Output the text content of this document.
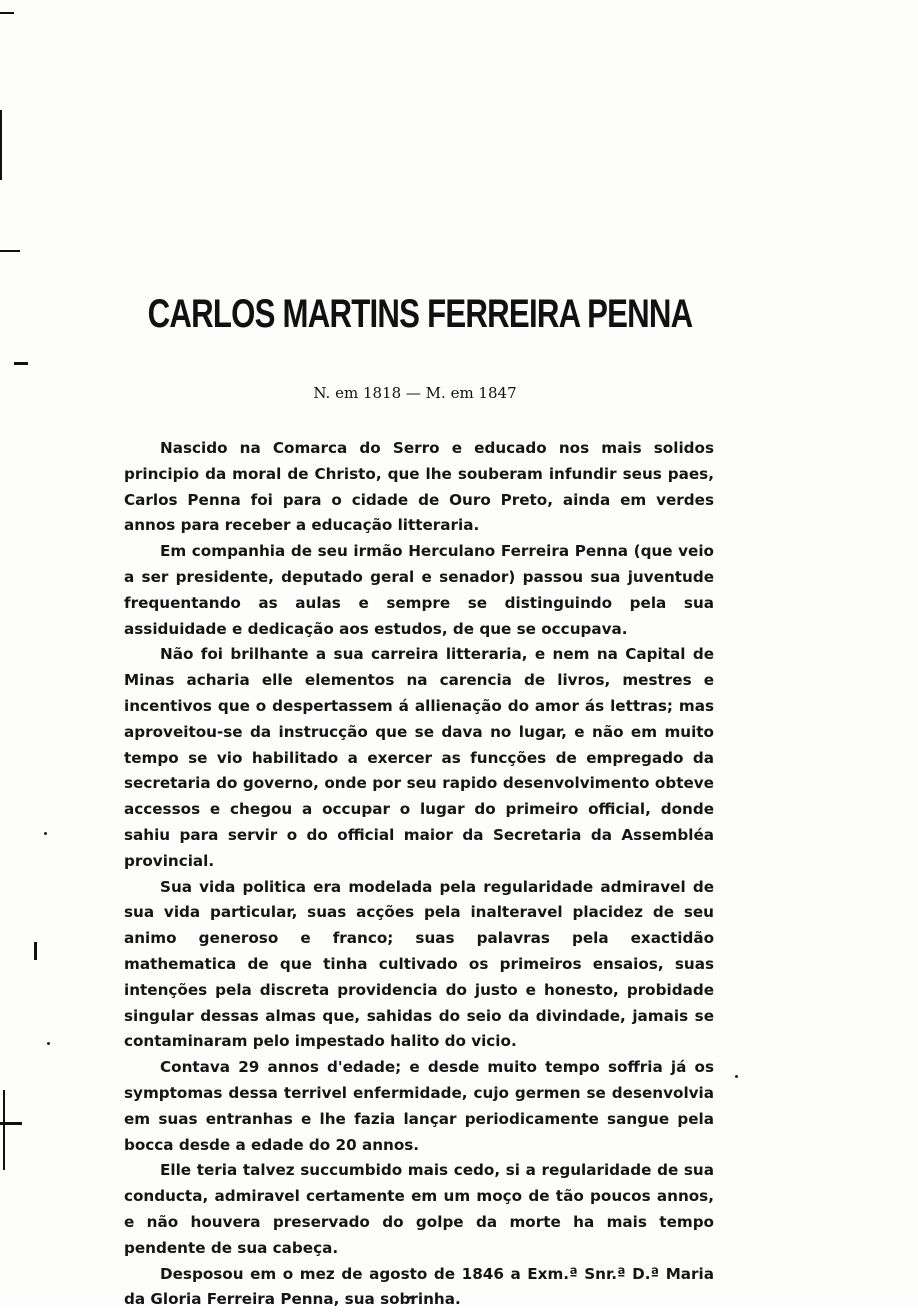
CARLOS MARTINS FERREIRA PENNA
N. em 1818 — M. em 1847

Nascido na Comarca do Serro e educado nos mais solidos principio da moral de Christo, que lhe souberam infundir seus paes, Carlos Penna foi para o cidade de Ouro Preto, ainda em verdes annos para receber a educação litteraria.

Em companhia de seu irmão Herculano Ferreira Penna (que veio a ser presidente, deputado geral e senador) passou sua juventude frequentando as aulas e sempre se distinguindo pela sua assiduidade e dedicação aos estudos, de que se occupava.

Não foi brilhante a sua carreira litteraria, e nem na Capital de Minas acharia elle elementos na carencia de livros, mestres e incentivos que o despertassem á allienação do amor ás lettras; mas aproveitou-se da instrucção que se dava no lugar, e não em muito tempo se vio habilitado a exercer as funcções de empregado da secretaria do governo, onde por seu rapido desenvolvimento obteve accessos e chegou a occupar o lugar do primeiro official, donde sahiu para servir o do official maior da Secretaria da Assembléa provincial.

Sua vida politica era modelada pela regularidade admiravel de sua vida particular, suas acções pela inalteravel placidez de seu animo generoso e franco; suas palavras pela exactidão mathematica de que tinha cultivado os primeiros ensaios, suas intenções pela discreta providencia do justo e honesto, probidade singular dessas almas que, sahidas do seio da divindade, jamais se contaminaram pelo impestado halito do vicio.

Contava 29 annos d'edade; e desde muito tempo soffria já os symptomas dessa terrivel enfermidade, cujo germen se desenvolvia em suas entranhas e lhe fazia lançar periodicamente sangue pela bocca desde a edade do 20 annos.

Elle teria talvez succumbido mais cedo, si a regularidade de sua conducta, admiravel certamente em um moço de tão poucos annos, e não houvera preservado do golpe da morte ha mais tempo pendente de sua cabeça.

Desposou em o mez de agosto de 1846 a Exm.ª Snr.ª D.ª Maria da Gloria Ferreira Penna, sua sobrinha.
